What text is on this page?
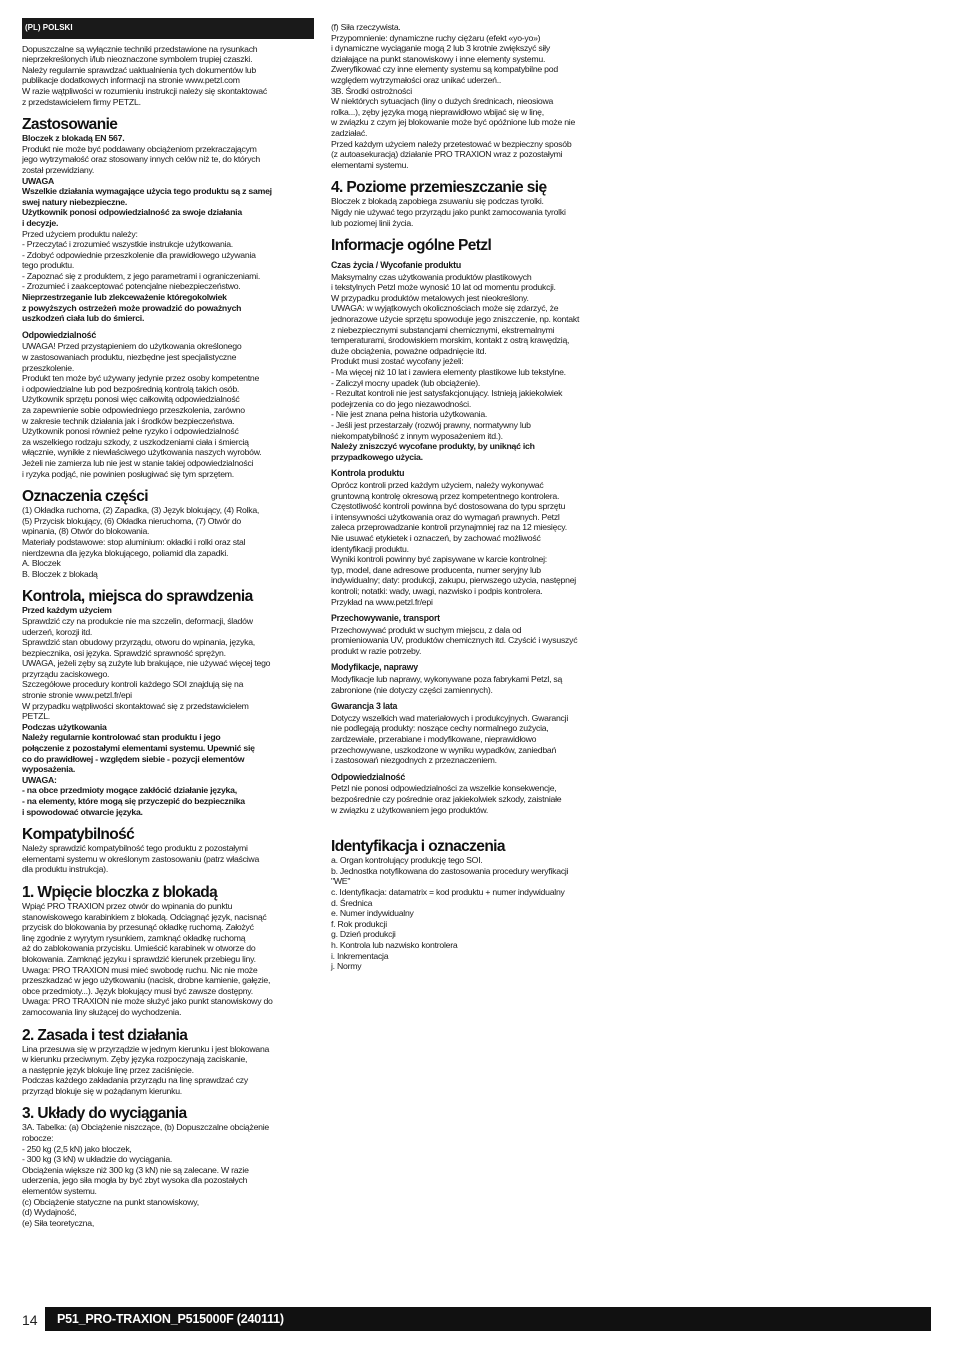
(PL) POLSKI

Dopuszczalne są wyłącznie techniki przedstawione na rysunkach
nieprzekreślonych i/lub nieoznaczone symbolem trupiej czaszki.
Należy regularnie sprawdzać uaktualnienia tych dokumentów lub
publikacje dodatkowych informacji na stronie www.petzl.com
W razie wątpliwości w rozumieniu instrukcji należy się skontaktować
z przedstawicielem firmy PETZL.

Zastosowanie

Bloczek z blokadą EN 567.

Produkt nie może być poddawany obciążeniom przekraczającym
jego wytrzymałość oraz stosowany innych celów niż te, do których
został przewidziany.

UWAGA

Wszelkie działania wymagające użycia tego produktu są z samej
swej natury niebezpieczne.
Użytkownik ponosi odpowiedzialność za swoje działania
i decyzje.

Przed użyciem produktu należy:
- Przeczytać i zrozumieć wszystkie instrukcje użytkowania.
- Zdobyć odpowiednie przeszkolenie dla prawidłowego używania
tego produktu.
- Zapoznać się z produktem, z jego parametrami i ograniczeniami.
- Zrozumieć i zaakceptować potencjalne niebezpieczeństwo.

Nieprzestrzeganie lub zlekceważenie któregokolwiek
z powyższych ostrzeżeń może prowadzić do poważnych
uszkodzeń ciała lub do śmierci.

Odpowiedzialność

UWAGA! Przed przystąpieniem do użytkowania określonego
w zastosowaniach produktu, niezbędne jest specjalistyczne
przeszkolenie.
Produkt ten może być używany jedynie przez osoby kompetentne
i odpowiedzialne lub pod bezpośrednią kontrolą takich osób.
Użytkownik sprzętu ponosi więc całkowitą odpowiedzialność
za zapewnienie sobie odpowiedniego przeszkolenia, zarówno
w zakresie technik działania jak i środków bezpieczeństwa.
Użytkownik ponosi również pełne ryzyko i odpowiedzialność
za wszelkiego rodzaju szkody, z uszkodzeniami ciała i śmiercią
włącznie, wynikłe z niewłaściwego użytkowania naszych wyrobów.
Jeżeli nie zamierza lub nie jest w stanie takiej odpowiedzialności
i ryzyka podjąć, nie powinien posługiwać się tym sprzętem.

Oznaczenia części

(1) Okładka ruchoma, (2) Zapadka, (3) Język blokujący, (4) Rolka,
(5) Przycisk blokujący, (6) Okładka nieruchoma, (7) Otwór do
wpinania, (8) Otwór do blokowania.
Materiały podstawowe: stop aluminium: okładki i rolki oraz stal
nierdzewna dla języka blokującego, poliamid dla zapadki.
A. Bloczek
B. Bloczek z blokadą

Kontrola, miejsca do sprawdzenia

Przed każdym użyciem

Sprawdzić czy na produkcie nie ma szczelin, deformacji, śladów
uderzeń, korozji itd.
Sprawdzić stan obudowy przyrządu, otworu do wpinania, języka,
bezpiecznika, osi języka. Sprawdzić sprawność sprężyn.
UWAGA, jeżeli zęby są zużyte lub brakujące, nie używać więcej tego
przyrządu zaciskowego.
Szczegółowe procedury kontroli każdego SOI znajdują się na
stronie stronie www.petzl.fr/epi
W przypadku wątpliwości skontaktować się z przedstawicielem
PETZL.

Podczas użytkowania

Należy regularnie kontrolować stan produktu i jego
połączenie z pozostałymi elementami systemu. Upewnić się
co do prawidłowej - względem siebie - pozycji elementów
wyposażenia.
UWAGA:
- na obce przedmioty mogące zakłócić działanie języka,
- na elementy, które mogą się przyczepić do bezpiecznika
i spowodować otwarcie języka.

Kompatybilność

Należy sprawdzić kompatybilność tego produktu z pozostałymi
elementami systemu w określonym zastosowaniu (patrz właściwa
dla produktu instrukcja).

1. Wpięcie bloczka z blokadą

Wpiąć PRO TRAXION przez otwór do wpinania do punktu
stanowiskowego karabinkiem z blokadą. Odciągnąć język, nacisnąć
przycisk do blokowania by przesunąć okładkę ruchomą. Założyć
linę zgodnie z wyrytym rysunkiem, zamknąć okładkę ruchomą
aż do zablokowania przycisku. Umieścić karabinek w otworze do
blokowania. Zamknąć języku i sprawdzić kierunek przebiegu liny.
Uwaga: PRO TRAXION musi mieć swobodę ruchu. Nic nie może
przeszkadzać w jego użytkowaniu (nacisk, drobne kamienie, gałęzie,
obce przedmioty...). Język blokujący musi być zawsze dostępny.
Uwaga: PRO TRAXION nie może służyć jako punkt stanowiskowy do
zamocowania liny służącej do wychodzenia.

2. Zasada i test działania

Lina przesuwa się w przyrządzie w jednym kierunku i jest blokowana
w kierunku przeciwnym. Zęby języka rozpoczynają zaciskanie,
a następnie język blokuje linę przez zaciśnięcie.
Podczas każdego zakładania przyrządu na linę sprawdzać czy
przyrząd blokuje się w pożądanym kierunku.

3. Układy do wyciągania

3A. Tabelka: (a) Obciążenie niszczące, (b) Dopuszczalne obciążenie
robocze:
- 250 kg (2,5 kN) jako bloczek,
- 300 kg (3 kN) w układzie do wyciągania.
Obciążenia większe niż 300 kg (3 kN) nie są zalecane. W razie
uderzenia, jego siła mogła by być zbyt wysoka dla pozostałych
elementów systemu.
(c) Obciążenie statyczne na punkt stanowiskowy,
(d) Wydajność,
(e) Siła teoretyczna,

(f) Siła rzeczywista.
Przypomnienie: dynamiczne ruchy ciężaru (efekt «yo-yo»)
i dynamiczne wyciąganie mogą 2 lub 3 krotnie zwiększyć siły
działające na punkt stanowiskowy i inne elementy systemu.
Zweryfikować czy inne elementy systemu są kompatybilne pod
względem wytrzymałości oraz unikać uderzeń..
3B. Środki ostrożności
W niektórych sytuacjach (liny o dużych średnicach, nieosiowa
rolka...), zęby języka mogą nieprawidłowo wbijać się w linę,
w związku z czym jej blokowanie może być opóźnione lub może nie
zadziałać.
Przed każdym użyciem należy przetestować w bezpieczny sposób
(z autoasekuracją) działanie PRO TRAXION wraz z pozostałymi
elementami systemu.

4. Poziome przemieszczanie się

Bloczek z blokadą zapobiega zsuwaniu się podczas tyrolki.
Nigdy nie używać tego przyrządu jako punkt zamocowania tyrolki
lub poziomej linii życia.

Informacje ogólne Petzl
Czas życia / Wycofanie produktu

Maksymalny czas użytkowania produktów plastikowych
i tekstylnych Petzl może wynosić 10 lat od momentu produkcji.
W przypadku produktów metalowych jest nieokreślony.
UWAGA: w wyjątkowych okolicznościach może się zdarzyć, że
jednorazowe użycie sprzętu spowoduje jego zniszczenie, np. kontakt
z niebezpiecznymi substancjami chemicznymi, ekstremalnymi
temperaturami, środowiskiem morskim, kontakt z ostrą krawędzią,
duże obciążenia, poważne odpadnięcie itd.
Produkt musi zostać wycofany jeżeli:
- Ma więcej niż 10 lat i zawiera elementy plastikowe lub tekstylne.
- Zaliczył mocny upadek (lub obciążenie).
- Rezultat kontroli nie jest satysfakcjonujący. Istnieją jakiekolwiek
podejrzenia co do jego niezawodności.
- Nie jest znana pełna historia użytkowania.
- Jeśli jest przestarzały (rozwój prawny, normatywny lub
niekompatybilność z innym wyposażeniem itd.).

Należy zniszczyć wycofane produkty, by uniknąć ich
przypadkowego użycia.

Kontrola produktu

Oprócz kontroli przed każdym użyciem, należy wykonywać
gruntowną kontrolę okresową przez kompetentnego kontrolera.
Częstotliwość kontroli powinna być dostosowana do typu sprzętu
i intensywności użytkowania oraz do wymagań prawnych. Petzl
zaleca przeprowadzanie kontroli przynajmniej raz na 12 miesięcy.
Nie usuwać etykietek i oznaczeń, by zachować możliwość
identyfikacji produktu.
Wyniki kontroli powinny być zapisywane w karcie kontrolnej:
typ, model, dane adresowe producenta, numer seryjny lub
indywidualny; daty: produkcji, zakupu, pierwszego użycia, następnej
kontroli; notatki: wady, uwagi, nazwisko i podpis kontrolera.
Przykład na www.petzl.fr/epi

Przechowywanie, transport

Przechowywać produkt w suchym miejscu, z dala od
promieniowania UV, produktów chemicznych itd. Czyścić i wysuszyć
produkt w razie potrzeby.

Modyfikacje, naprawy

Modyfikacje lub naprawy, wykonywane poza fabrykami Petzl, są
zabronione (nie dotyczy części zamiennych).

Gwarancja 3 lata

Dotyczy wszelkich wad materiałowych i produkcyjnych. Gwarancji
nie podlegają produkty: noszące cechy normalnego zużycia,
zardzewiałe, przerabiane i modyfikowane, nieprawidłowo
przechowywane, uszkodzone w wyniku wypadków, zaniedbań
i zastosowań niezgodnych z przeznaczeniem.

Odpowiedzialność

Petzl nie ponosi odpowiedzialności za wszelkie konsekwencje,
bezpośrednie czy pośrednie oraz jakiekolwiek szkody, zaistniałe
w związku z użytkowaniem jego produktów.

Identyfikacja i oznaczenia

a. Organ kontrolujący produkcję tego SOI.
b. Jednostka notyfikowana do zastosowania procedury weryfikacji
"WE"
c. Identyfikacja: datamatrix = kod produktu + numer indywidualny
d. Średnica
e. Numer indywidualny
f. Rok produkcji
g. Dzień produkcji
h. Kontrola lub nazwisko kontrolera
i. Inkrementacja
j. Normy

14	P51_PRO-TRAXION_P515000F (240111)
